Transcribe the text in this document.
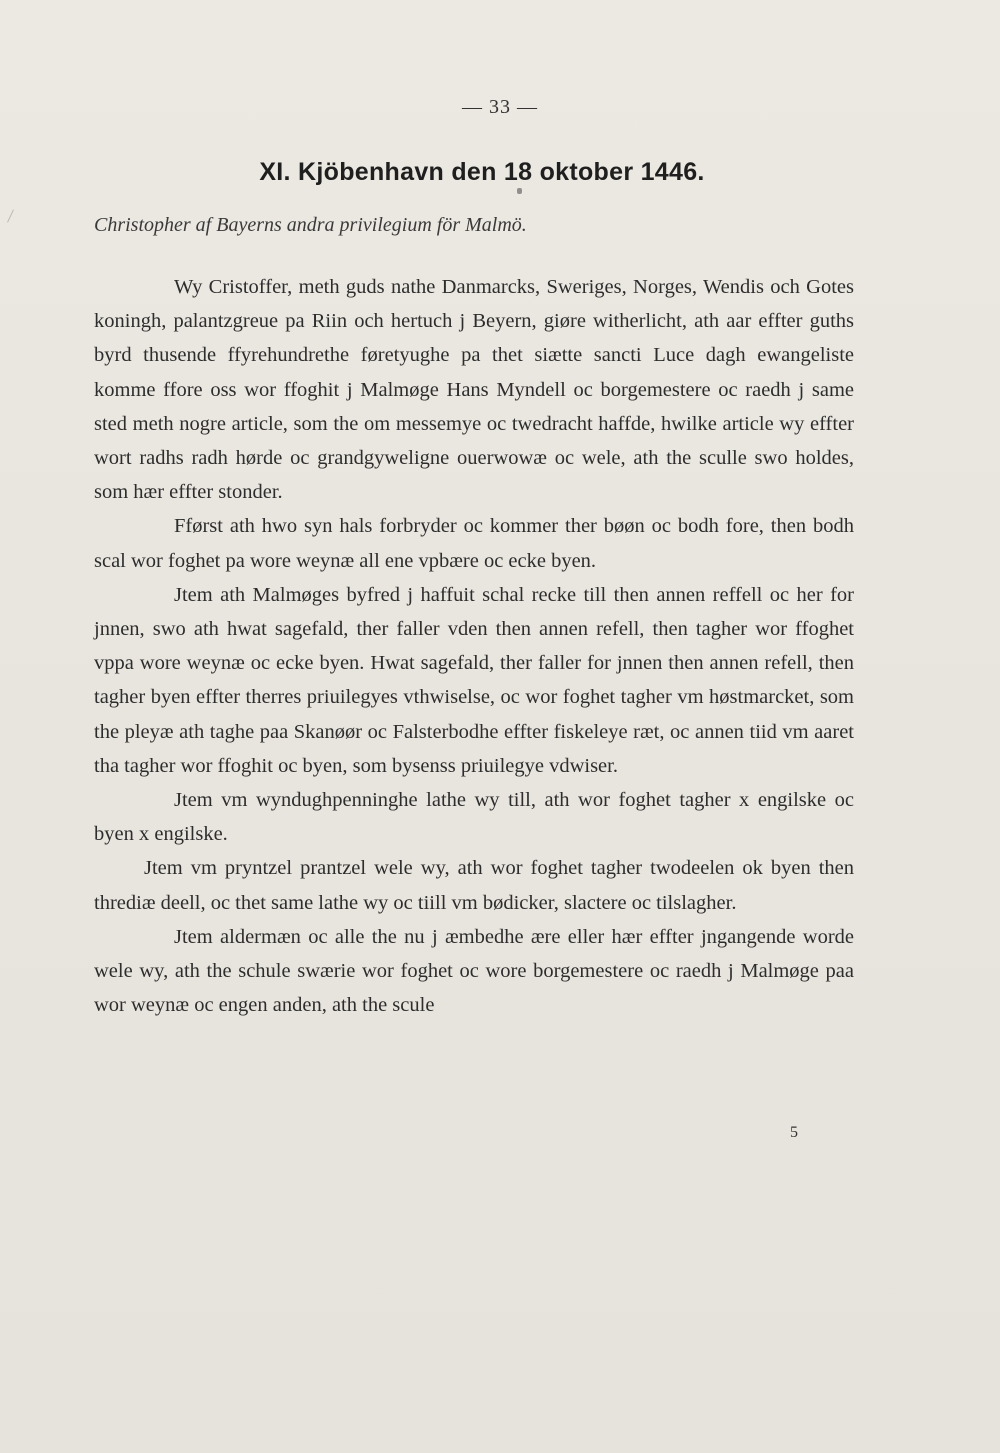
— 33 —
XI. Kjöbenhavn den 18 oktober 1446.
Christopher af Bayerns andra privilegium för Malmö.

Wy Cristoffer, meth guds nathe Danmarcks, Sweriges, Norges, Wendis och Gotes koningh, palantzgreue pa Riin och hertuch j Beyern, gіøre witherlicht, ath aar effter guths byrd thusende ffyrehundrethe føretyughe pa thet siætte sancti Luce dagh ewangeliste komme ffore oss wor ffoghit j Malmøge Hans Myndell oc borgemestere oc raedh j same sted meth nogre article, som the om messemye oc twedracht haffde, hwilke article wy effter wort radhs radh hørde oc grandgyweligne ouerwowæ oc wele, ath the sculle swo holdes, som hær effter stonder.

Fførst ath hwo syn hals forbryder oc kommer ther bøøn oc bodh fore, then bodh scal wor foghet pa wore weynæ all ene vpbære oc ecke byen.

Jtem ath Malmøges byfred j haffuit schal recke till then annen reffell oc her for jnnen, swo ath hwat sagefald, ther faller vden then annen refell, then tagher wor ffoghet vppa wore weynæ oc ecke byen. Hwat sagefald, ther faller for jnnen then annen refell, then tagher byen effter therres priuilegyes vthwiselse, oc wor foghet tagher vm høstmarcket, som the pleyæ ath taghe paa Skanøør oc Falsterbodhe effter fiskeleye ræt, oc annen tiid vm aaret tha tagher wor ffoghit oc byen, som bysenss priuilegye vdwiser.

Jtem vm wyndughpenninghe lathe wy till, ath wor foghet tagher x engilske oc byen x engilske.

Jtem vm pryntzel prantzel wele wy, ath wor foghet tagher twodeelen ok byen then thrediæ deell, oc thet same lathe wy oc tiill vm bødicker, slactere oc tilslagher.

Jtem aldermæn oc alle the nu j æmbedhe ære eller hær effter jngangende worde wele wy, ath the schule swærie wor foghet oc wore borgemestere oc raedh j Malmøge paa wor weynæ oc engen anden, ath the scule

5
